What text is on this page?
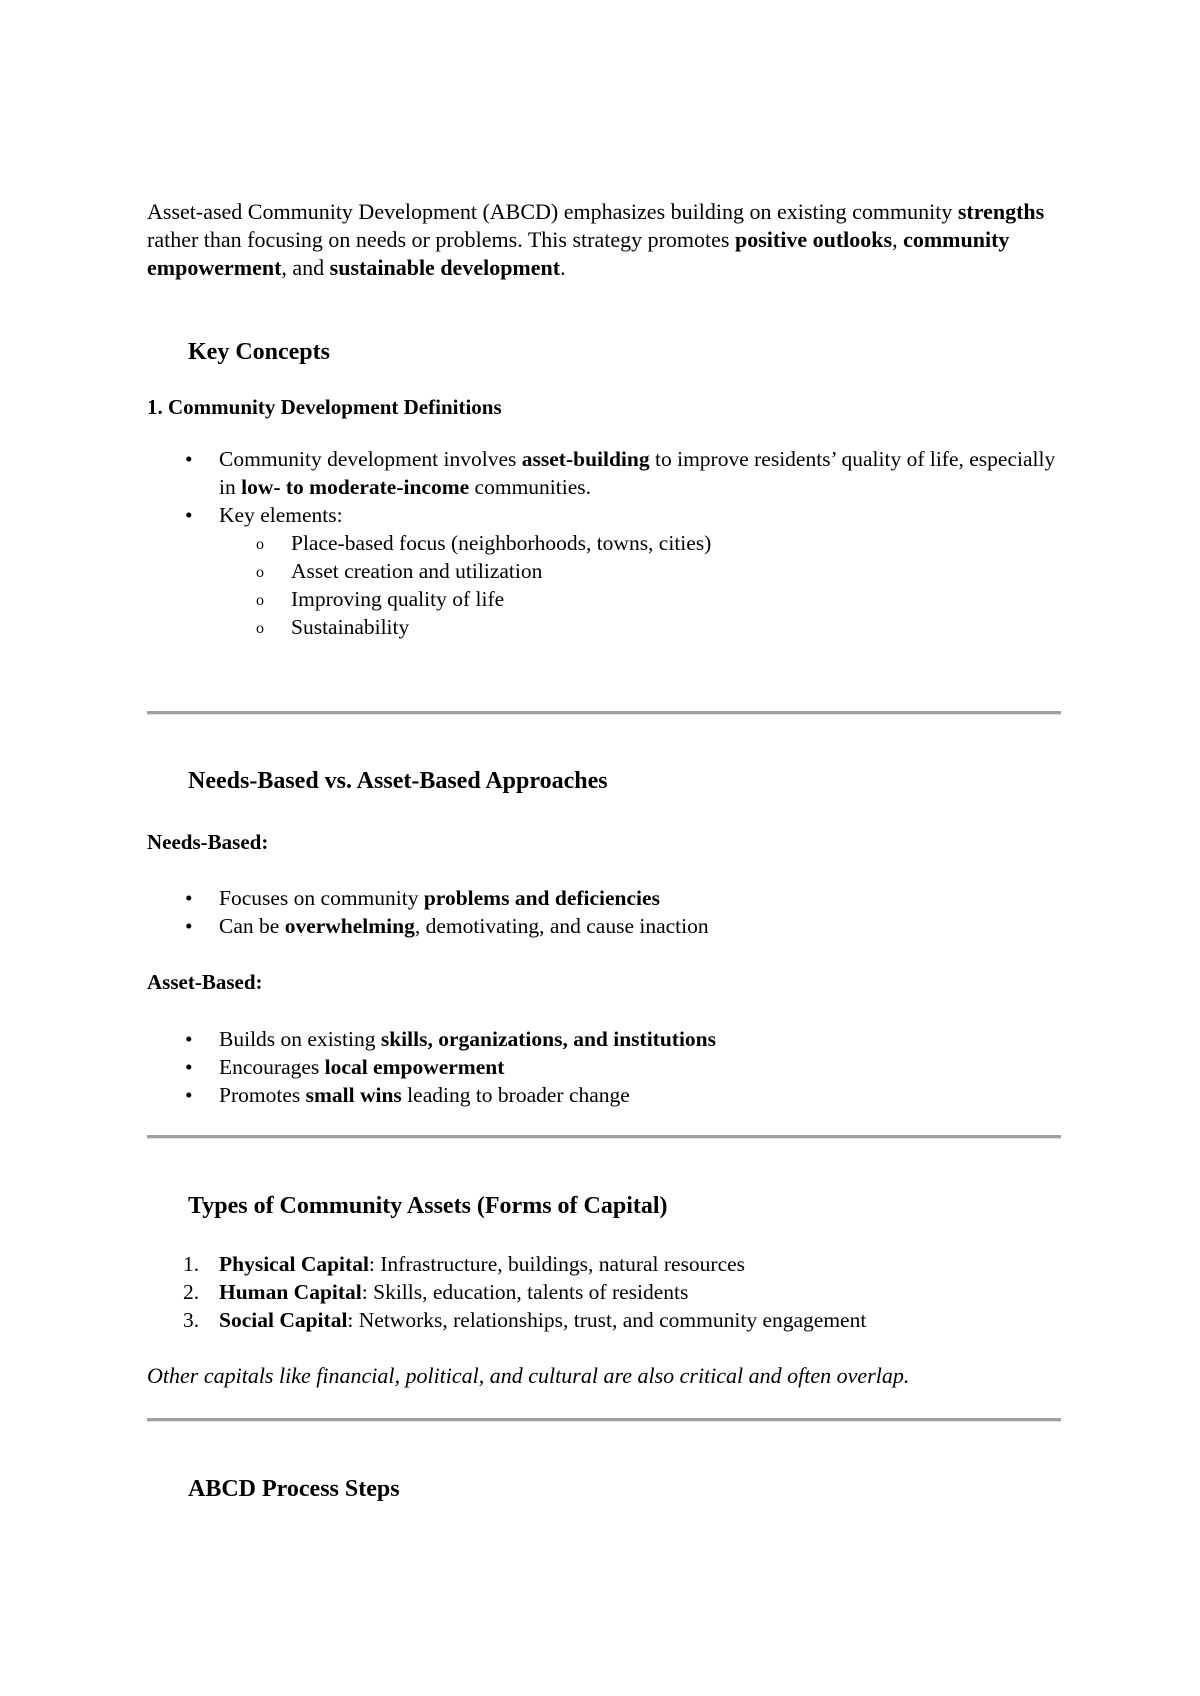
Asset-ased Community Development (ABCD) emphasizes building on existing community strengths rather than focusing on needs or problems. This strategy promotes positive outlooks, community empowerment, and sustainable development.

Key Concepts

1. Community Development Definitions

•	Community development involves asset-building to improve residents’ quality of life, especially in low- to moderate-income communities.
•	Key elements:
o Place-based focus (neighborhoods, towns, cities)
o Asset creation and utilization
o Improving quality of life
o Sustainability
Needs-Based vs. Asset-Based Approaches

Needs-Based:

•	Focuses on community problems and deficiencies
•	Can be overwhelming, demotivating, and cause inaction

Asset-Based:

•	Builds on existing skills, organizations, and institutions
•	Encourages local empowerment
•	Promotes small wins leading to broader change
Types of Community Assets (Forms of Capital)
1. Physical Capital: Infrastructure, buildings, natural resources
2. Human Capital: Skills, education, talents of residents
3. Social Capital: Networks, relationships, trust, and community engagement

Other capitals like financial, political, and cultural are also critical and often overlap.

ABCD Process Steps
